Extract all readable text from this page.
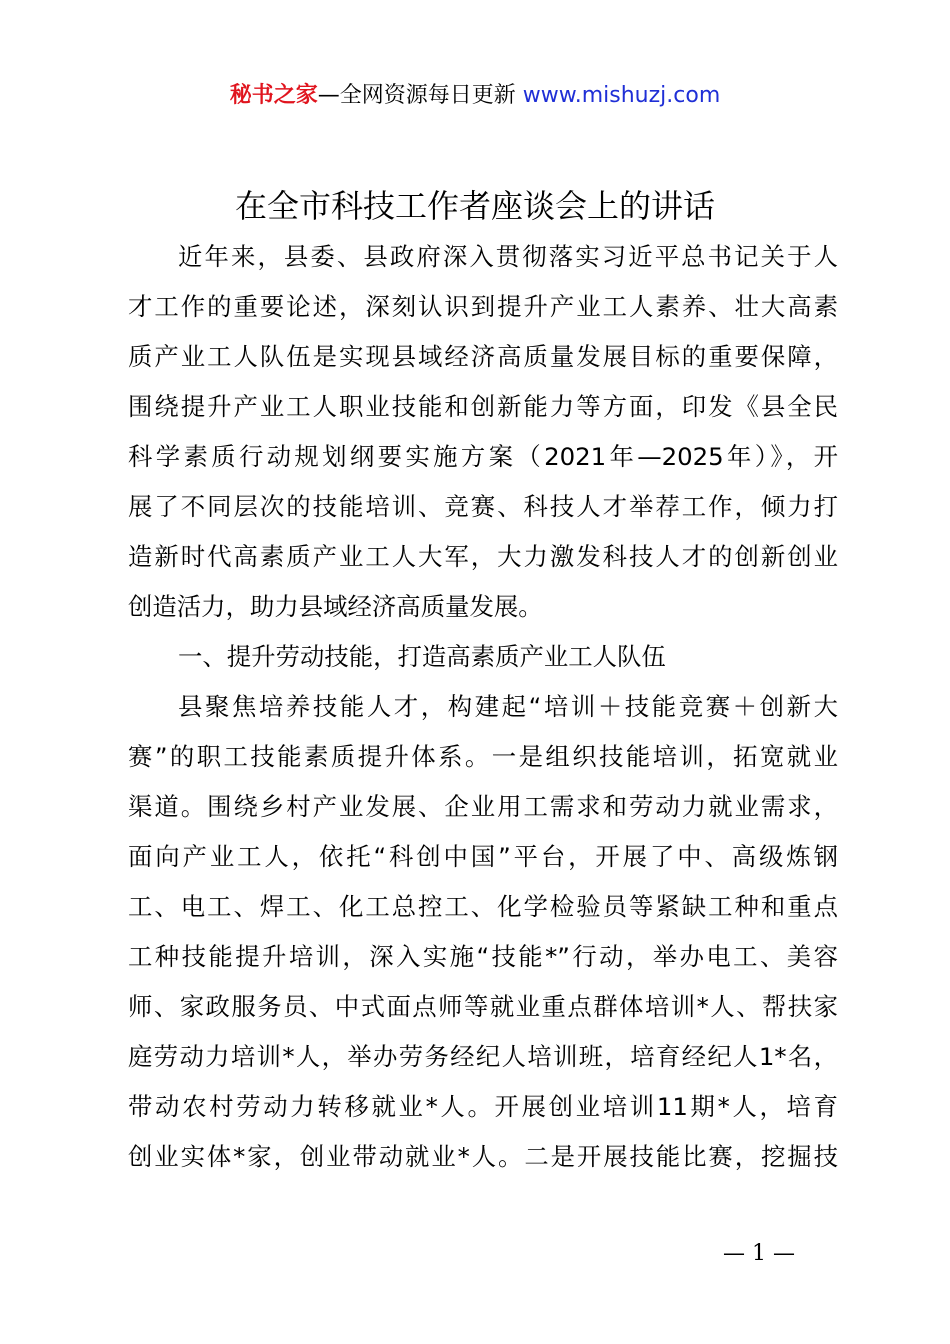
秘书之家—全网资源每日更新 www.mishuzj.com
在全市科技工作者座谈会上的讲话
近年来，县委、县政府深入贯彻落实习近平总书记关于人
才工作的重要论述，深刻认识到提升产业工人素养、壮大高素
质产业工人队伍是实现县域经济高质量发展目标的重要保障，
围绕提升产业工人职业技能和创新能力等方面，印发《县全民
科学素质行动规划纲要实施方案（2021年—2025年）》，开
展了不同层次的技能培训、竞赛、科技人才举荐工作，倾力打
造新时代高素质产业工人大军，大力激发科技人才的创新创业
创造活力，助力县域经济高质量发展。
一、提升劳动技能，打造高素质产业工人队伍
县聚焦培养技能人才，构建起“培训＋技能竞赛＋创新大
赛”的职工技能素质提升体系。一是组织技能培训，拓宽就业
渠道。围绕乡村产业发展、企业用工需求和劳动力就业需求，
面向产业工人，依托“科创中国”平台，开展了中、高级炼钢
工、电工、焊工、化工总控工、化学检验员等紧缺工种和重点
工种技能提升培训，深入实施“技能*”行动，举办电工、美容
师、家政服务员、中式面点师等就业重点群体培训*人、帮扶家
庭劳动力培训*人，举办劳务经纪人培训班，培育经纪人1*名，
带动农村劳动力转移就业*人。开展创业培训11期*人，培育
创业实体*家，创业带动就业*人。二是开展技能比赛，挖掘技
— 1 —
